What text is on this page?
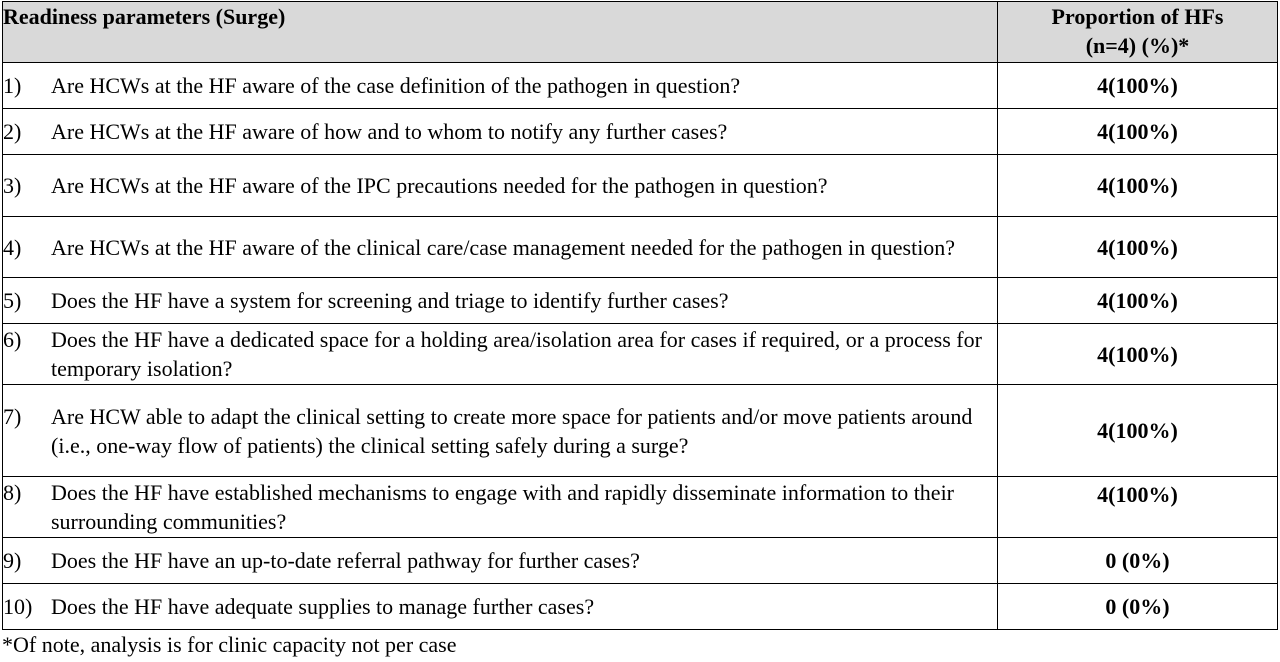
Readiness parameters (Surge)	Proportion of HFs
(n=4) (%)*

1) Are HCWs at the HF aware of the case definition of the pathogen in question?	4(100%)

2) Are HCWs at the HF aware of how and to whom to notify any further cases?	4(100%)

3) Are HCWs at the HF aware of the IPC precautions needed for the pathogen in question?	4(100%)

4) Are HCWs at the HF aware of the clinical care/case management needed for the pathogen in question?	4(100%)

5) Does the HF have a system for screening and triage to identify further cases?	4(100%)

6) Does the HF have a dedicated space for a holding area/isolation area for cases if required, or a process for temporary isolation?	4(100%)

7) Are HCW able to adapt the clinical setting to create more space for patients and/or move patients around (i.e., one-way flow of patients) the clinical setting safely during a surge?	4(100%)

8) Does the HF have established mechanisms to engage with and rapidly disseminate information to their surrounding communities?	4(100%)

9) Does the HF have an up-to-date referral pathway for further cases?	0 (0%)

10) Does the HF have adequate supplies to manage further cases?	0 (0%)
*Of note, analysis is for clinic capacity not per case
